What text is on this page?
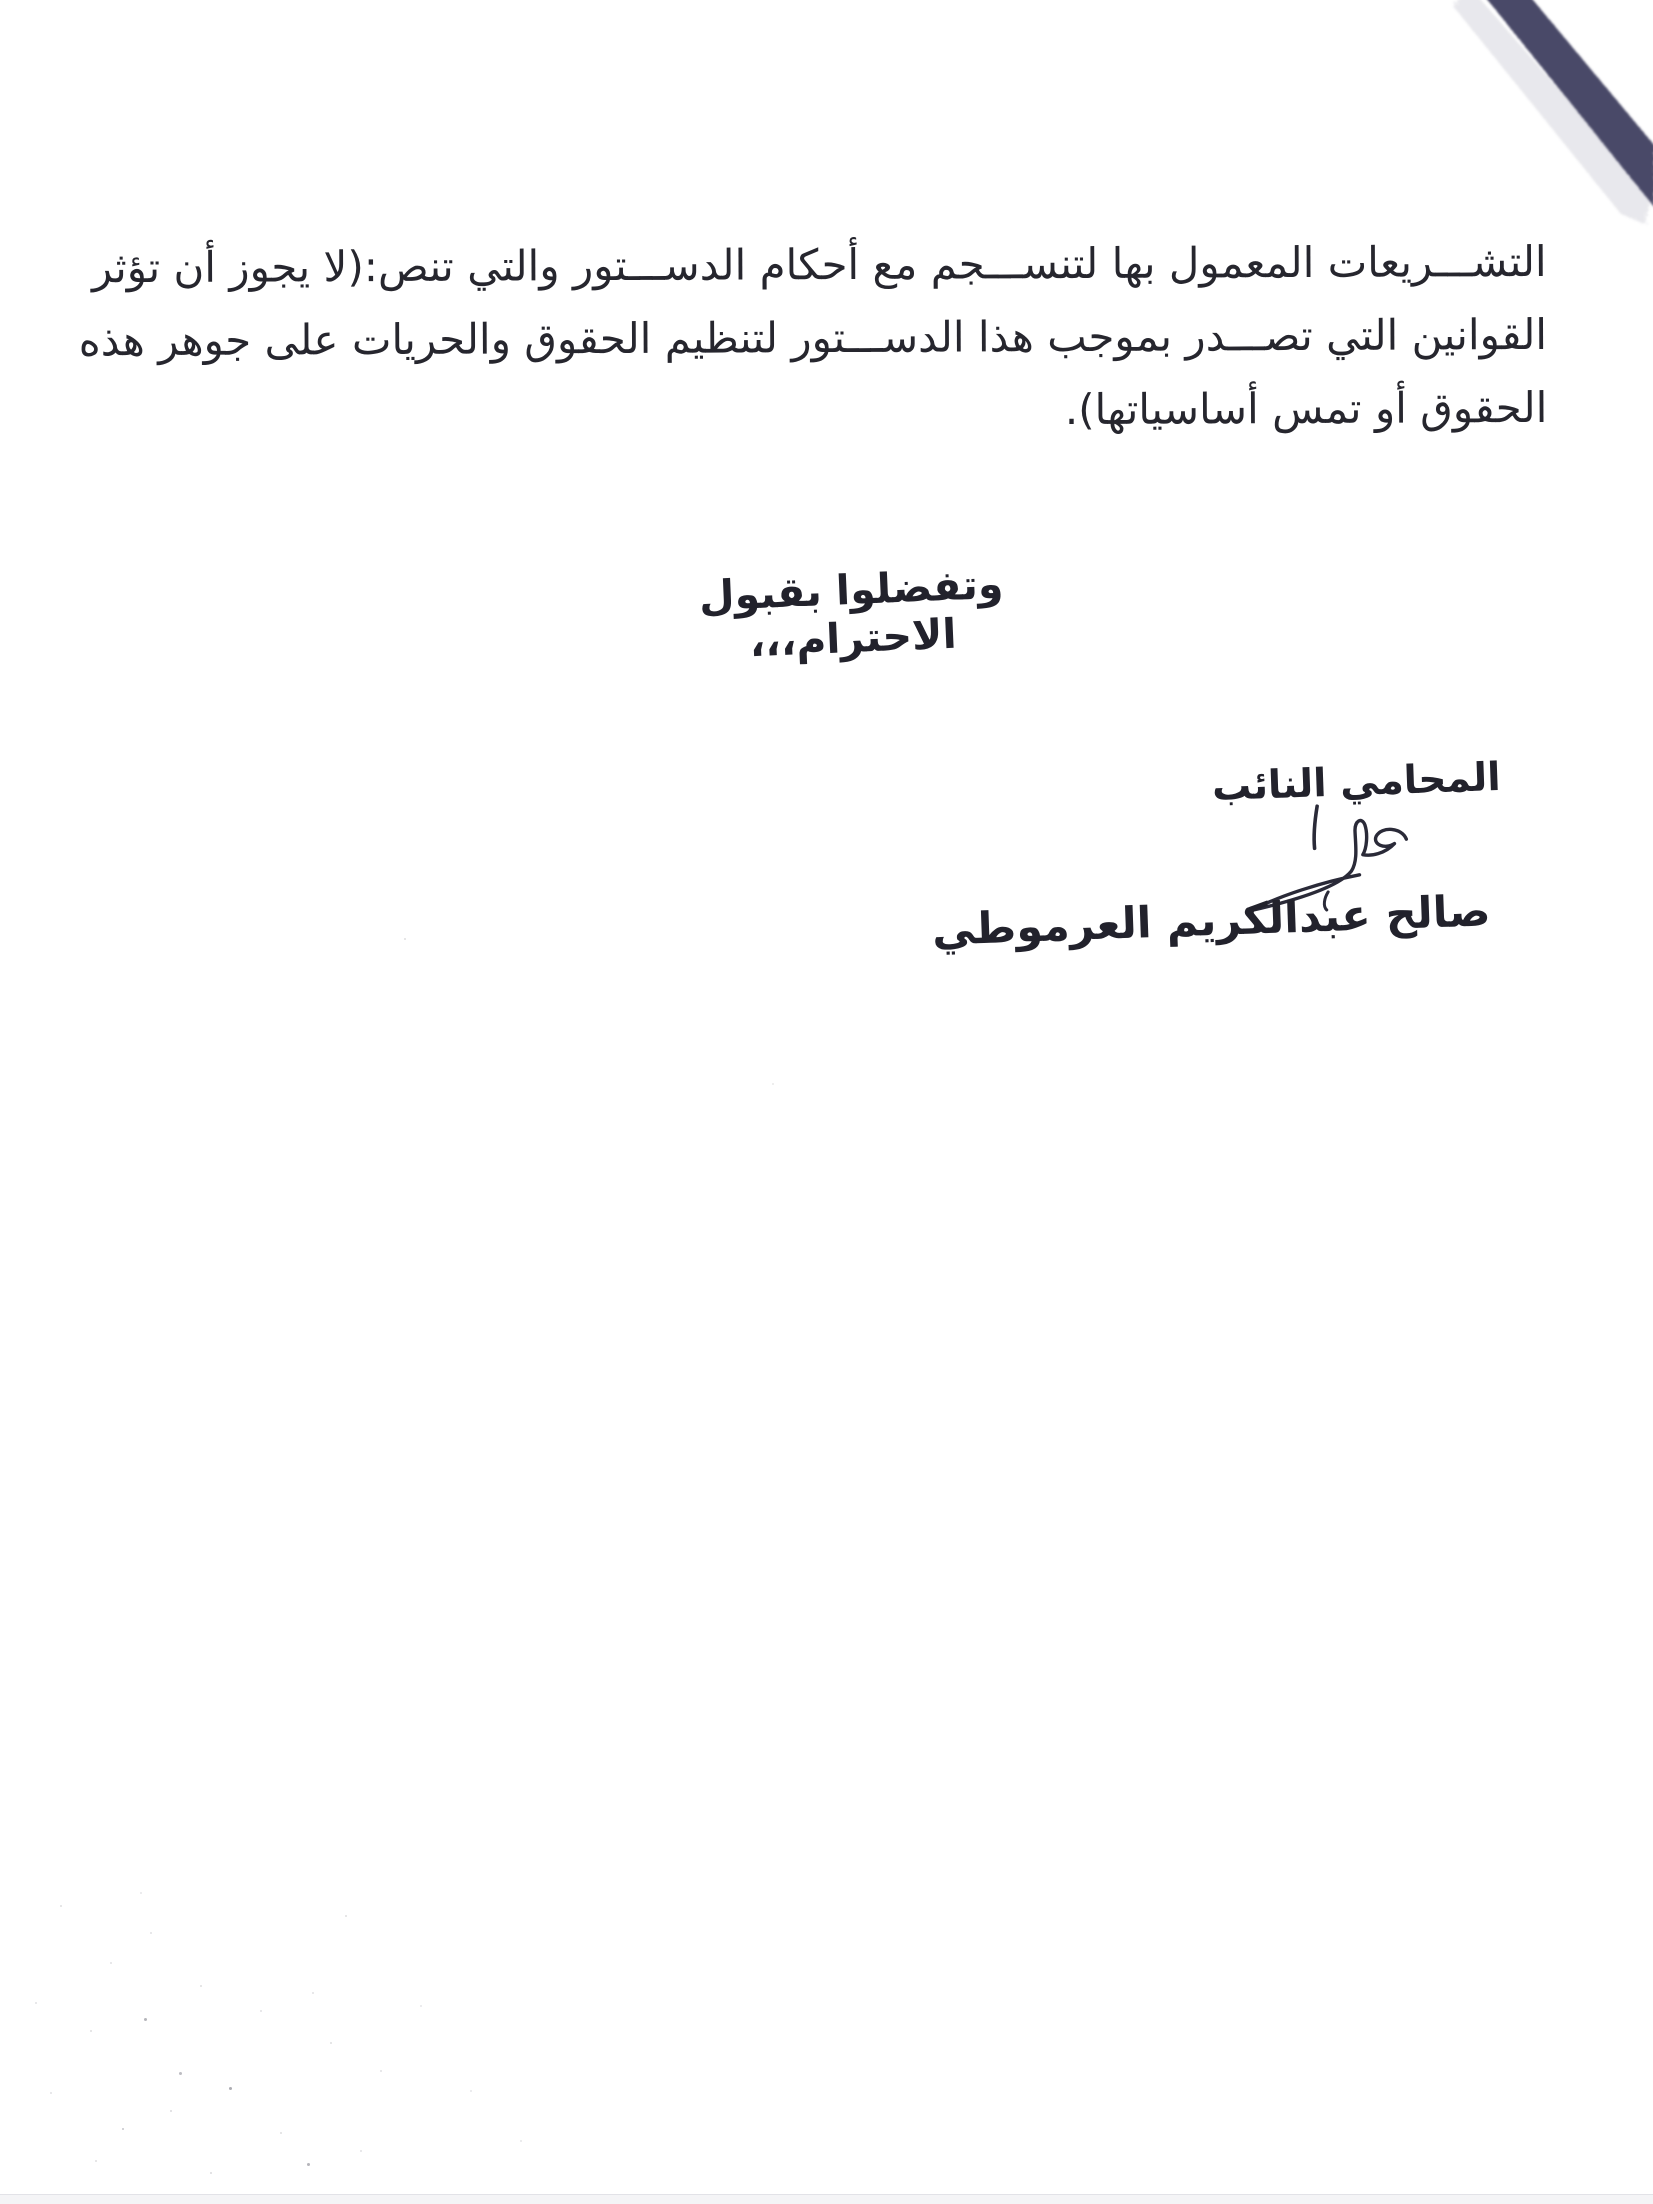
التشـــريعات المعمول بها لتنســـجم مع أحكام الدســـتور والتي تنص:(لا يجوز أن تؤثر
القوانين التي تصـــدر بموجب هذا الدســـتور لتنظيم الحقوق والحريات على جوهر هذه
الحقوق أو تمس أساسياتها).
وتفضلوا بقبول الاحترام،،،
المحامي النائب
صالح عبدالكريم العرموطي
